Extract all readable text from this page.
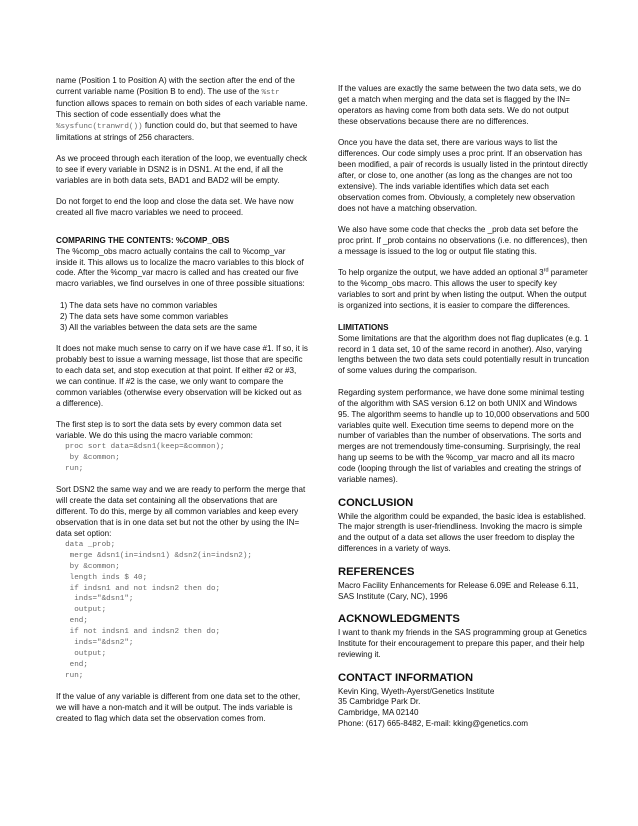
name (Position 1 to Position A) with the section after the end of the current variable name (Position B to end). The use of the %str function allows spaces to remain on both sides of each variable name. This section of code essentially does what the %sysfunc(tranwrd()) function could do, but that seemed to have limitations at strings of 256 characters.

As we proceed through each iteration of the loop, we eventually check to see if every variable in DSN2 is in DSN1. At the end, if all the variables are in both data sets, BAD1 and BAD2 will be empty.

Do not forget to end the loop and close the data set. We have now created all five macro variables we need to proceed.

COMPARING THE CONTENTS: %COMP_OBS

The %comp_obs macro actually contains the call to %comp_var inside it. This allows us to localize the macro variables to this block of code. After the %comp_var macro is called and has created our five macro variables, we find ourselves in one of three possible situations:

1) The data sets have no common variables
2) The data sets have some common variables
3) All the variables between the data sets are the same

It does not make much sense to carry on if we have case #1. If so, it is probably best to issue a warning message, list those that are specific to each data set, and stop execution at that point. If either #2 or #3, we can continue. If #2 is the case, we only want to compare the common variables (otherwise every observation will be kicked out as a difference).

The first step is to sort the data sets by every common data set variable. We do this using the macro variable common:

proc sort data=&dsn1(keep=&common);
by &common;
run;

Sort DSN2 the same way and we are ready to perform the merge that will create the data set containing all the observations that are different. To do this, merge by all common variables and keep every observation that is in one data set but not the other by using the IN= data set option:

data _prob;
merge &dsn1(in=indsn1) &dsn2(in=indsn2);
by &common;
length inds $ 40;
if indsn1 and not indsn2 then do;
inds="&dsn1";
output;
end;
if not indsn1 and indsn2 then do;
inds="&dsn2";
output;
end;
run;

If the value of any variable is different from one data set to the other, we will have a non-match and it will be output. The inds variable is created to flag which data set the observation comes from.

If the values are exactly the same between the two data sets, we do get a match when merging and the data set is flagged by the IN= operators as having come from both data sets. We do not output these observations because there are no differences.

Once you have the data set, there are various ways to list the differences. Our code simply uses a proc print. If an observation has been modified, a pair of records is usually listed in the printout directly after, or close to, one another (as long as the changes are not too extensive). The inds variable identifies which data set each observation comes from. Obviously, a completely new observation does not have a matching observation.

We also have some code that checks the _prob data set before the proc print. If _prob contains no observations (i.e. no differences), then a message is issued to the log or output file stating this.

To help organize the output, we have added an optional 3rd parameter to the %comp_obs macro. This allows the user to specify key variables to sort and print by when listing the output. When the output is organized into sections, it is easier to compare the differences.

LIMITATIONS

Some limitations are that the algorithm does not flag duplicates (e.g. 1 record in 1 data set, 10 of the same record in another). Also, varying lengths between the two data sets could potentially result in truncation of some values during the comparison.

Regarding system performance, we have done some minimal testing of the algorithm with SAS version 6.12 on both UNIX and Windows 95. The algorithm seems to handle up to 10,000 observations and 500 variables quite well. Execution time seems to depend more on the number of variables than the number of observations. The sorts and merges are not tremendously time-consuming. Surprisingly, the real hang up seems to be with the %comp_var macro and all its macro code (looping through the list of variables and creating the strings of variable names).

CONCLUSION

While the algorithm could be expanded, the basic idea is established. The major strength is user-friendliness. Invoking the macro is simple and the output of a data set allows the user freedom to display the differences in a variety of ways.

REFERENCES

Macro Facility Enhancements for Release 6.09E and Release 6.11, SAS Institute (Cary, NC), 1996

ACKNOWLEDGMENTS

I want to thank my friends in the SAS programming group at Genetics Institute for their encouragement to prepare this paper, and their help reviewing it.

CONTACT INFORMATION
Kevin King, Wyeth-Ayerst/Genetics Institute
35 Cambridge Park Dr.
Cambridge, MA 02140
Phone: (617) 665-8482, E-mail: kking@genetics.com
